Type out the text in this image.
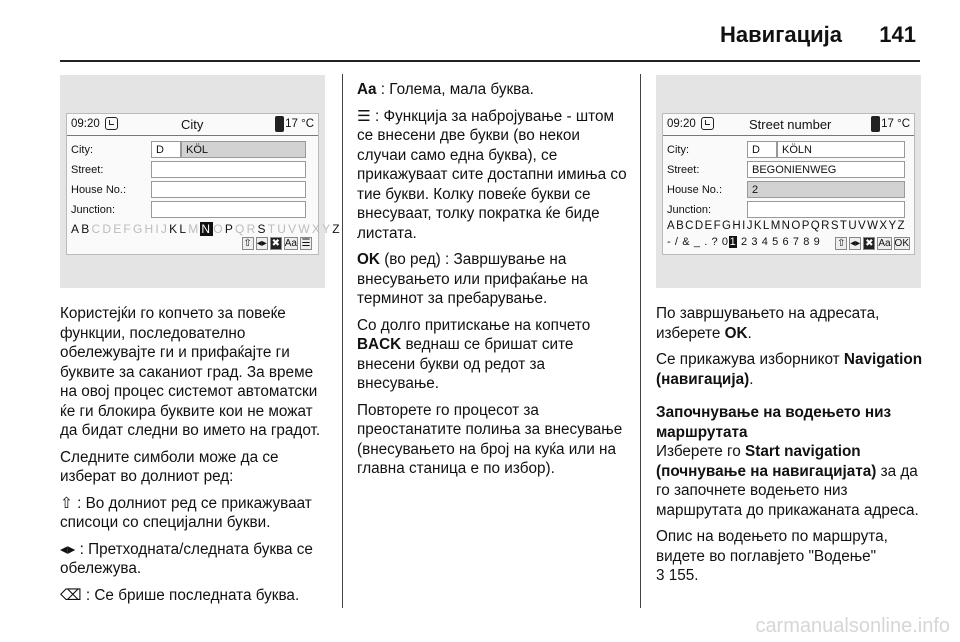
Навигација 141
09:20	City	17 °C
City:	D	KÖL
Street:
House No.:
Junction:
ABCDEFGHIJKLMNOPQRSTUVWXYZ
⇧ ◂▸ ✖ Aa ☰
09:20	Street number	17 °C
City:	D	KÖLN
Street:	BEGONIENWEG
House No.:	2
Junction:
ABCDEFGHIJKLMNOPQRSTUVWXYZ
- / & _ . ? 01 2 3 4 5 6 7 8 9	⇧ ◂▸ ✖ Aa OK

Користејќи го копчето за повеќе функции, последователно обележувајте ги и прифаќајте ги буквите за саканиот град. За време на овој процес системот автоматски ќе ги блокира буквите кои не можат да бидат следни во името на градот.

Следните симболи може да се изберат во долниот ред:

⇧ : Во долниот ред се прикажуваат списоци со специјални букви.

◂▸ : Претходната/следната буква се обележува.

⌫ : Се брише последната буква.

Aa : Голема, мала буква.

☰ : Функција за набројување - штом се внесени две букви (во некои случаи само една буква), се прикажуваат сите достапни имиња со тие букви. Колку повеќе букви се внесуваат, толку пократка ќе биде листата.

OK (во ред) : Завршување на внесувањето или прифаќање на терминот за пребарување.

Со долго притискање на копчето BACK веднаш се бришат сите внесени букви од редот за внесување.

Повторете го процесот за преостанатите полиња за внесување (внесувањето на број на куќа или на главна станица е по избор).

По завршувањето на адресата, изберете OK.

Се прикажува изборникот Navigation (навигација).

Започнување на водењето низ маршрутата

Изберете го Start navigation (почнување на навигацијата) за да го започнете водењето низ маршрутата до прикажаната адреса.

Опис на водењето по маршрута, видете во поглавјето "Водење"

3 155.

carmanualsonline.info
